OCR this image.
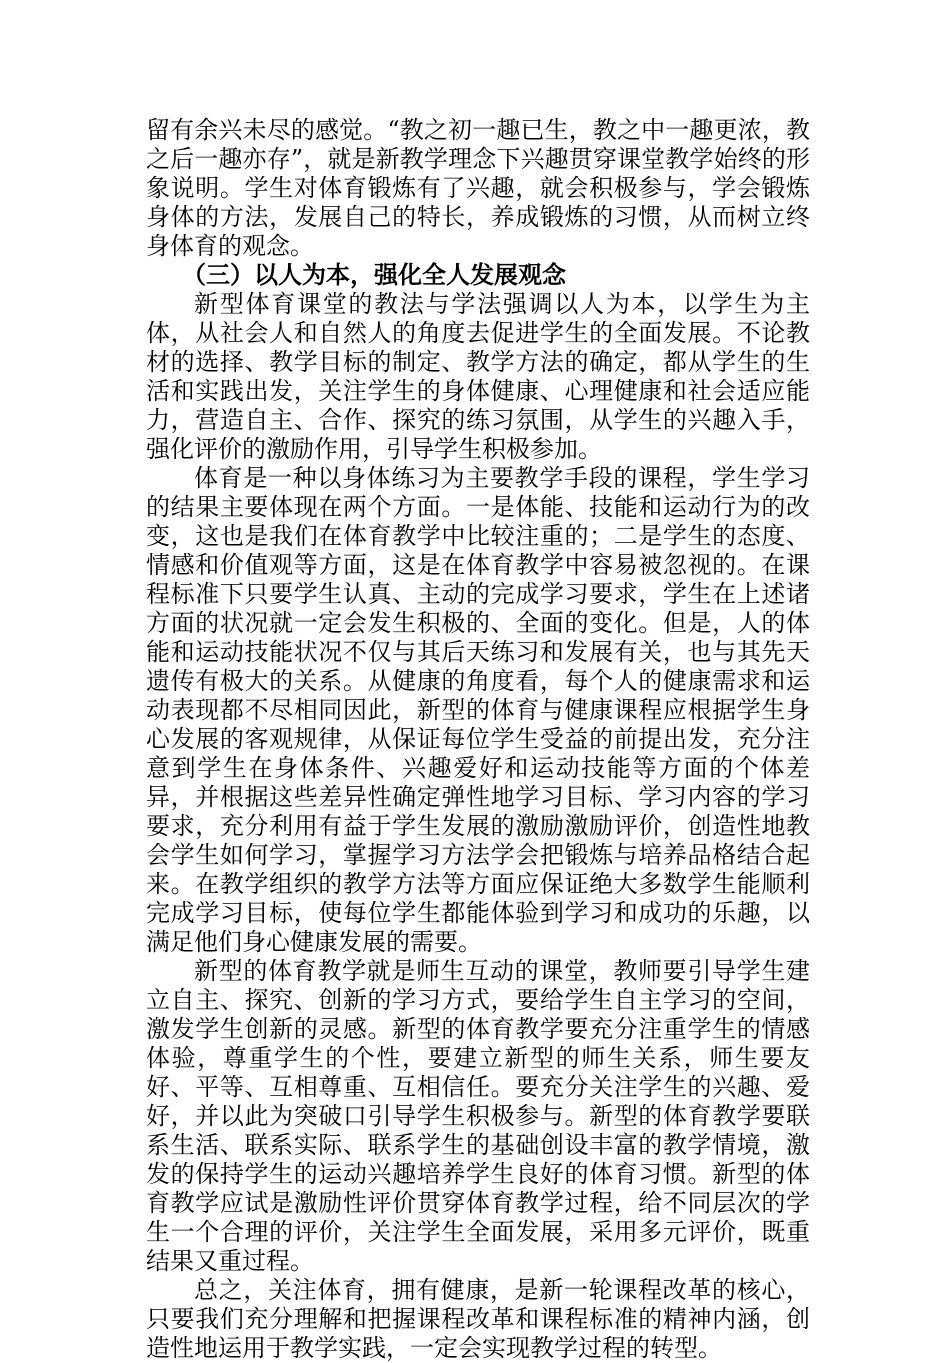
留有余兴未尽的感觉。“教之初一趣已生，教之中一趣更浓，教之后一趣亦存”，就是新教学理念下兴趣贯穿课堂教学始终的形象说明。学生对体育锻炼有了兴趣，就会积极参与，学会锻炼身体的方法，发展自己的特长，养成锻炼的习惯，从而树立终身体育的观念。

（三）以人为本，强化全人发展观念

新型体育课堂的教法与学法强调以人为本，以学生为主体，从社会人和自然人的角度去促进学生的全面发展。不论教材的选择、教学目标的制定、教学方法的确定，都从学生的生活和实践出发，关注学生的身体健康、心理健康和社会适应能力，营造自主、合作、探究的练习氛围，从学生的兴趣入手，强化评价的激励作用，引导学生积极参加。

体育是一种以身体练习为主要教学手段的课程，学生学习的结果主要体现在两个方面。一是体能、技能和运动行为的改变，这也是我们在体育教学中比较注重的；二是学生的态度、情感和价值观等方面，这是在体育教学中容易被忽视的。在课程标准下只要学生认真、主动的完成学习要求，学生在上述诸方面的状况就一定会发生积极的、全面的变化。但是，人的体能和运动技能状况不仅与其后天练习和发展有关，也与其先天遗传有极大的关系。从健康的角度看，每个人的健康需求和运动表现都不尽相同因此，新型的体育与健康课程应根据学生身心发展的客观规律，从保证每位学生受益的前提出发，充分注意到学生在身体条件、兴趣爱好和运动技能等方面的个体差异，并根据这些差异性确定弹性地学习目标、学习内容的学习要求，充分利用有益于学生发展的激励激励评价，创造性地教会学生如何学习，掌握学习方法学会把锻炼与培养品格结合起来。在教学组织的教学方法等方面应保证绝大多数学生能顺利完成学习目标，使每位学生都能体验到学习和成功的乐趣，以满足他们身心健康发展的需要。

新型的体育教学就是师生互动的课堂，教师要引导学生建立自主、探究、创新的学习方式，要给学生自主学习的空间，激发学生创新的灵感。新型的体育教学要充分注重学生的情感体验，尊重学生的个性，要建立新型的师生关系，师生要友好、平等、互相尊重、互相信任。要充分关注学生的兴趣、爱好，并以此为突破口引导学生积极参与。新型的体育教学要联系生活、联系实际、联系学生的基础创设丰富的教学情境，激发的保持学生的运动兴趣培养学生良好的体育习惯。新型的体育教学应试是激励性评价贯穿体育教学过程，给不同层次的学生一个合理的评价，关注学生全面发展，采用多元评价，既重结果又重过程。

总之，关注体育，拥有健康，是新一轮课程改革的核心，只要我们充分理解和把握课程改革和课程标准的精神内涵，创造性地运用于教学实践，一定会实现教学过程的转型。
